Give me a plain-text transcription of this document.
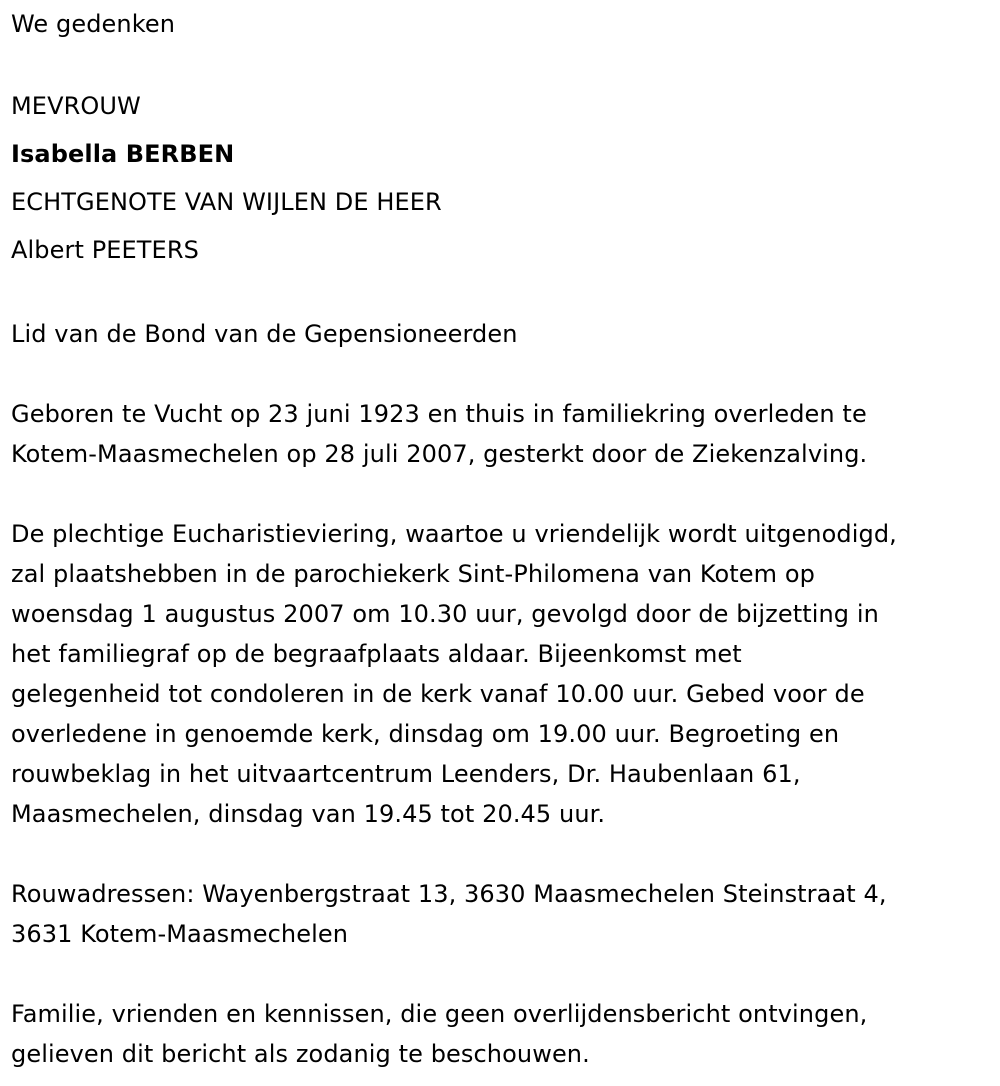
We gedenken
MEVROUW
Isabella BERBEN
ECHTGENOTE VAN WIJLEN DE HEER
Albert PEETERS
Lid van de Bond van de Gepensioneerden
Geboren te Vucht op 23 juni 1923 en thuis in familiekring overleden te
Kotem-Maasmechelen op 28 juli 2007, gesterkt door de Ziekenzalving.
De plechtige Eucharistieviering, waartoe u vriendelijk wordt uitgenodigd,
zal plaatshebben in de parochiekerk Sint-Philomena van Kotem op
woensdag 1 augustus 2007 om 10.30 uur, gevolgd door de bijzetting in
het familiegraf op de begraafplaats aldaar. Bijeenkomst met
gelegenheid tot condoleren in de kerk vanaf 10.00 uur. Gebed voor de
overledene in genoemde kerk, dinsdag om 19.00 uur. Begroeting en
rouwbeklag in het uitvaartcentrum Leenders, Dr. Haubenlaan 61,
Maasmechelen, dinsdag van 19.45 tot 20.45 uur.
Rouwadressen: Wayenbergstraat 13, 3630 Maasmechelen Steinstraat 4,
3631 Kotem-Maasmechelen
Familie, vrienden en kennissen, die geen overlijdensbericht ontvingen,
gelieven dit bericht als zodanig te beschouwen.
